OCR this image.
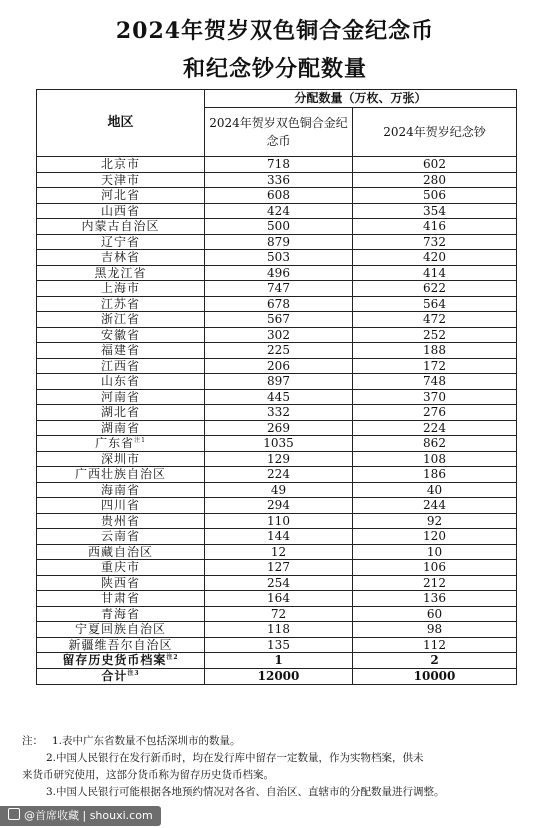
2024年贺岁双色铜合金纪念币
和纪念钞分配数量
地区	分配数量（万枚、万张）	
	2024年贺岁双色铜合金纪念币	2024年贺岁纪念钞
北京市	718	602
天津市	336	280
河北省	608	506
山西省	424	354
内蒙古自治区	500	416
辽宁省	879	732
吉林省	503	420
黑龙江省	496	414
上海市	747	622
江苏省	678	564
浙江省	567	472
安徽省	302	252
福建省	225	188
江西省	206	172
山东省	897	748
河南省	445	370
湖北省	332	276
湖南省	269	224
广东省$^{注1}$	1035	862
深圳市	129	108
广西壮族自治区	224	186
海南省	49	40
四川省	294	244
贵州省	110	92
云南省	144	120
西藏自治区	12	10
重庆市	127	106
陕西省	254	212
甘肃省	164	136
青海省	72	60
宁夏回族自治区	118	98
新疆维吾尔自治区	135	112
留存历史货币档案$^{注2}$	1	2
合计$^{注3}$	12000	10000
注： 1.表中广东省数量不包括深圳市的数量。
2.中国人民银行在发行新币时，均在发行库中留存一定数量，作为实物档案，供未
来货币研究使用，这部分货币称为留存历史货币档案。
3.中国人民银行可能根据各地预约情况对各省、自治区、直辖市的分配数量进行调整。
@首席收藏 | shouxi.com
